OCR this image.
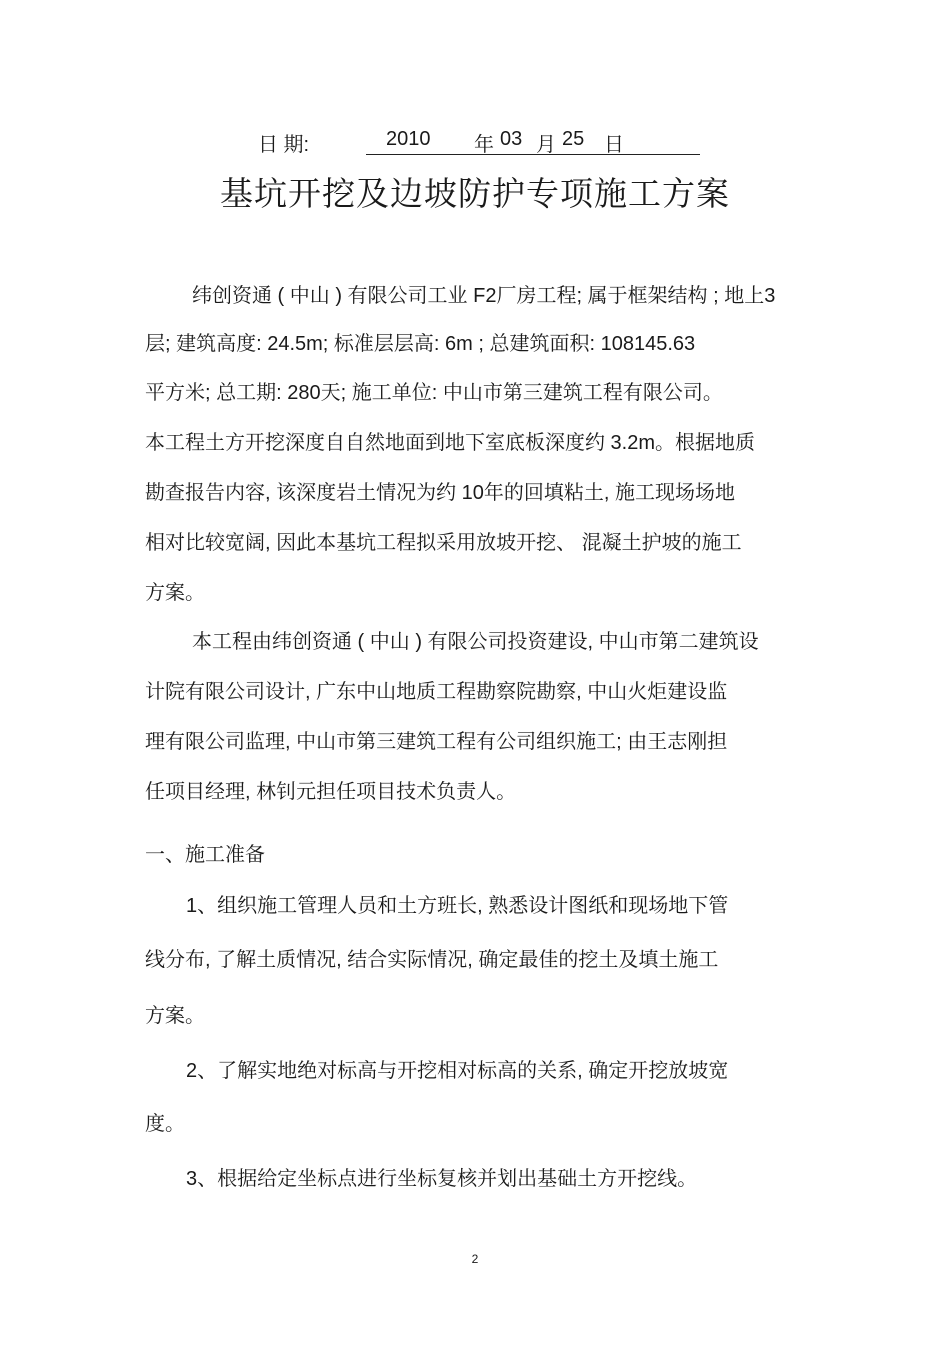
日 期:	2010 年 03 月 25 日
基坑开挖及边坡防护专项施工方案
纬创资通 ( 中山 ) 有限公司工业 F2厂房工程; 属于框架结构 ; 地上3
层; 建筑高度: 24.5m; 标准层层高: 6m ; 总建筑面积: 108145.63
平方米; 总工期: 280天; 施工单位: 中山市第三建筑工程有限公司。
本工程土方开挖深度自自然地面到地下室底板深度约 3.2m。根据地质
勘查报告内容, 该深度岩土情况为约 10年的回填粘土, 施工现场场地
相对比较宽阔, 因此本基坑工程拟采用放坡开挖、 混凝土护坡的施工
方案。
本工程由纬创资通 ( 中山 ) 有限公司投资建设, 中山市第二建筑设
计院有限公司设计, 广东中山地质工程勘察院勘察, 中山火炬建设监
理有限公司监理, 中山市第三建筑工程有公司组织施工; 由王志刚担
任项目经理, 林钊元担任项目技术负责人。
一、施工准备
1、组织施工管理人员和土方班长, 熟悉设计图纸和现场地下管
线分布, 了解土质情况, 结合实际情况, 确定最佳的挖土及填土施工
方案。
2、了解实地绝对标高与开挖相对标高的关系, 确定开挖放坡宽
度。
3、根据给定坐标点进行坐标复核并划出基础土方开挖线。
2
